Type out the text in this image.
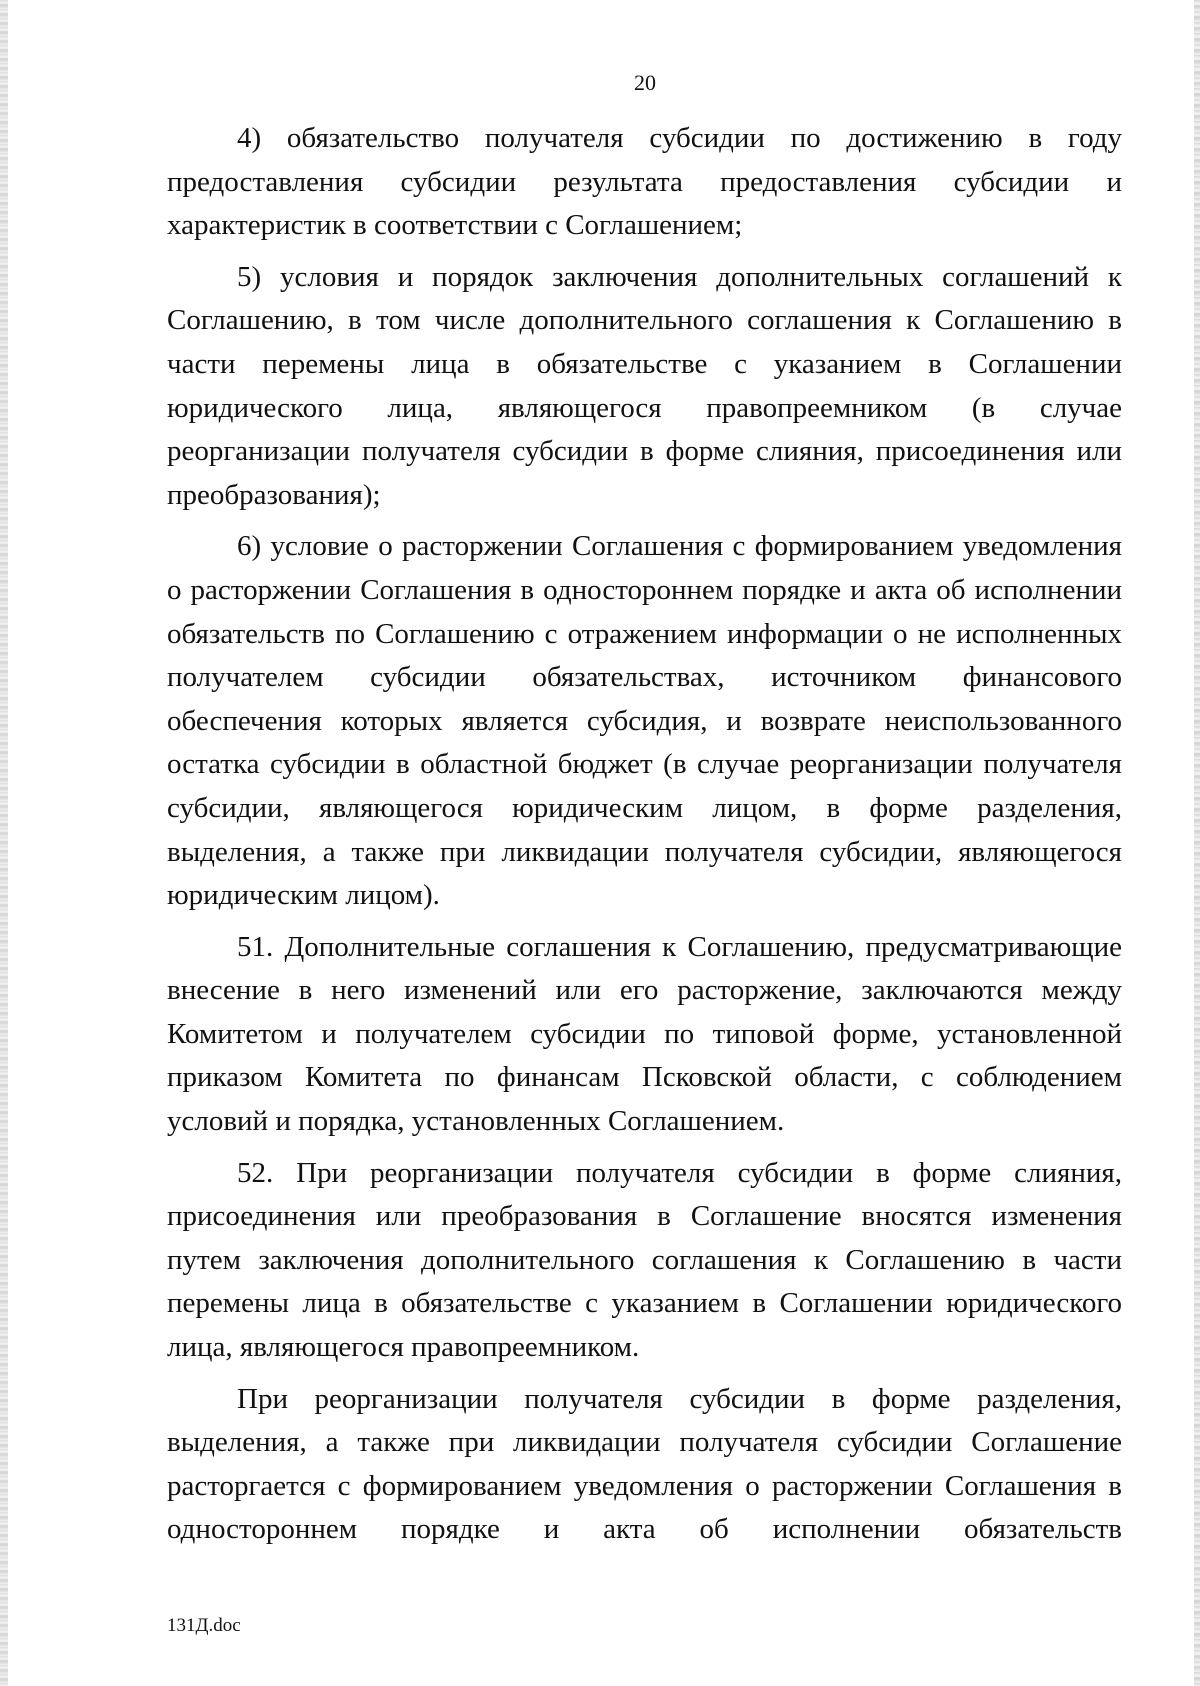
20

4) обязательство получателя субсидии по достижению в году предоставления субсидии результата предоставления субсидии и характеристик в соответствии с Соглашением;

5) условия и порядок заключения дополнительных соглашений к Соглашению, в том числе дополнительного соглашения к Соглашению в части перемены лица в обязательстве с указанием в Соглашении юридического лица, являющегося правопреемником (в случае реорганизации получателя субсидии в форме слияния, присоединения или преобразования);

6) условие о расторжении Соглашения с формированием уведомления о расторжении Соглашения в одностороннем порядке и акта об исполнении обязательств по Соглашению с отражением информации о не исполненных получателем субсидии обязательствах, источником финансового обеспечения которых является субсидия, и возврате неиспользованного остатка субсидии в областной бюджет (в случае реорганизации получателя субсидии, являющегося юридическим лицом, в форме разделения, выделения, а также при ликвидации получателя субсидии, являющегося юридическим лицом).

51. Дополнительные соглашения к Соглашению, предусматривающие внесение в него изменений или его расторжение, заключаются между Комитетом и получателем субсидии по типовой форме, установленной приказом Комитета по финансам Псковской области, с соблюдением условий и порядка, установленных Соглашением.

52. При реорганизации получателя субсидии в форме слияния, присоединения или преобразования в Соглашение вносятся изменения путем заключения дополнительного соглашения к Соглашению в части перемены лица в обязательстве с указанием в Соглашении юридического лица, являющегося правопреемником.

При реорганизации получателя субсидии в форме разделения, выделения, а также при ликвидации получателя субсидии Соглашение расторгается с формированием уведомления о расторжении Соглашения в одностороннем порядке и акта об исполнении обязательств

131Д.doc
